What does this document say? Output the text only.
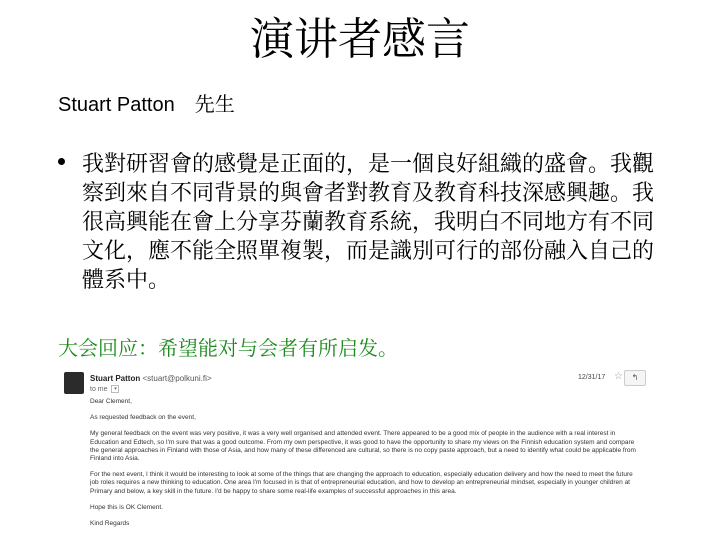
演讲者感言
Stuart Patton　先生
我對研習會的感覺是正面的，是一個良好組織的盛會。我觀察到來自不同背景的與會者對教育及教育科技深感興趣。我很高興能在會上分享芬蘭教育系統，我明白不同地方有不同文化，應不能全照單複製，而是識別可行的部份融入自己的體系中。
大会回应：希望能对与会者有所启发。
Stuart Patton <stuart@polkuni.fi>
to me ▾
12/31/17 ☆	↰

Dear Clement,

As requested feedback on the event,

My general feedback on the event was very positive, it was a very well organised and attended event. There appeared to be a good mix of people in the audience with a real interest in Education and Edtech, so I'm sure that was a good outcome. From my own perspective, it was good to have the opportunity to share my views on the Finnish education system and compare the general approaches in Finland with those of Asia, and how many of these differenced are cultural, so there is no copy paste approach, but a need to identify what could be applicable from Finland into Asia.

For the next event, I think it would be interesting to look at some of the things that are changing the approach to education, especially education delivery and how the need to meet the future job roles requires a new thinking to education. One area I'm focused in is that of entrepreneurial education, and how to develop an entrepreneurial mindset, especially in younger children at Primary and below, a key skill in the future. I'd be happy to share some real-life examples of successful approaches in this area.

Hope this is OK Clement.

Kind Regards
